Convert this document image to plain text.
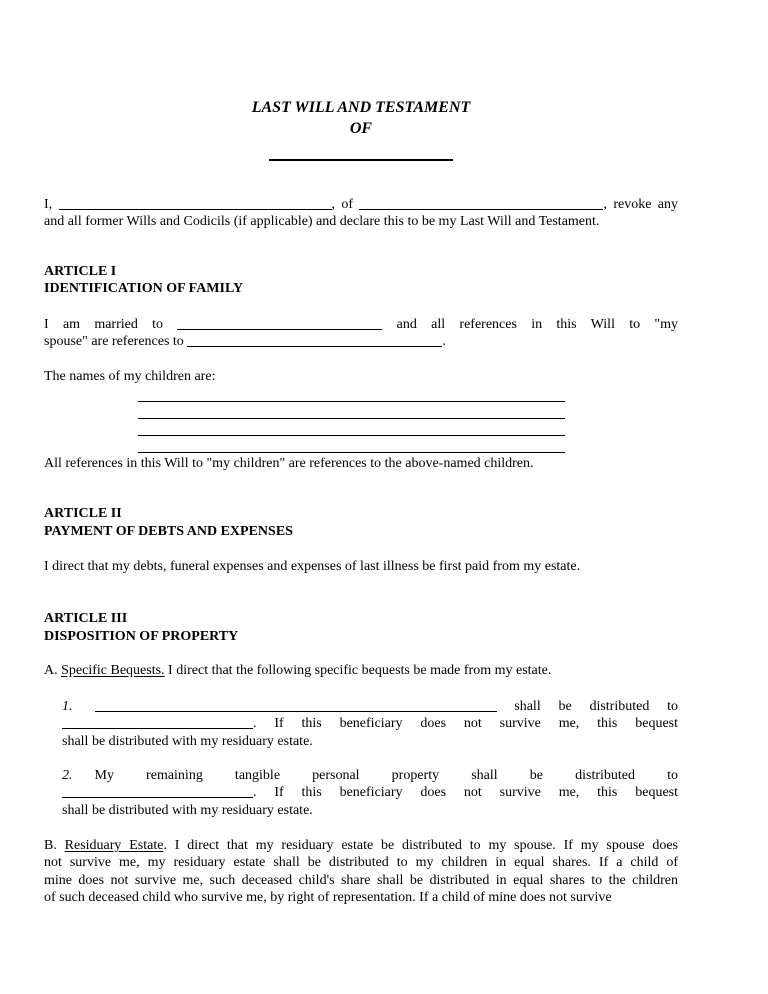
LAST WILL AND TESTAMENT
OF
I,	, of	, revoke any
and all former Wills and Codicils (if applicable) and declare this to be my Last Will and Testament.
ARTICLE I
IDENTIFICATION OF FAMILY
I am married to	and all references in this Will to "my
spouse" are references to	.
The names of my children are:
All references in this Will to "my children" are references to the above-named children.
ARTICLE II
PAYMENT OF DEBTS AND EXPENSES
I direct that my debts, funeral expenses and expenses of last illness be first paid from my estate.
ARTICLE III
DISPOSITION OF PROPERTY
A. Specific Bequests. I direct that the following specific bequests be made from my estate.
1.	shall be distributed to
. If this beneficiary does not survive me, this bequest
shall be distributed with my residuary estate.
2. My remaining tangible personal property shall be distributed to
. If this beneficiary does not survive me, this bequest
shall be distributed with my residuary estate.
B. Residuary Estate. I direct that my residuary estate be distributed to my spouse. If my spouse does
not survive me, my residuary estate shall be distributed to my children in equal shares. If a child of
mine does not survive me, such deceased child's share shall be distributed in equal shares to the children
of such deceased child who survive me, by right of representation. If a child of mine does not survive
